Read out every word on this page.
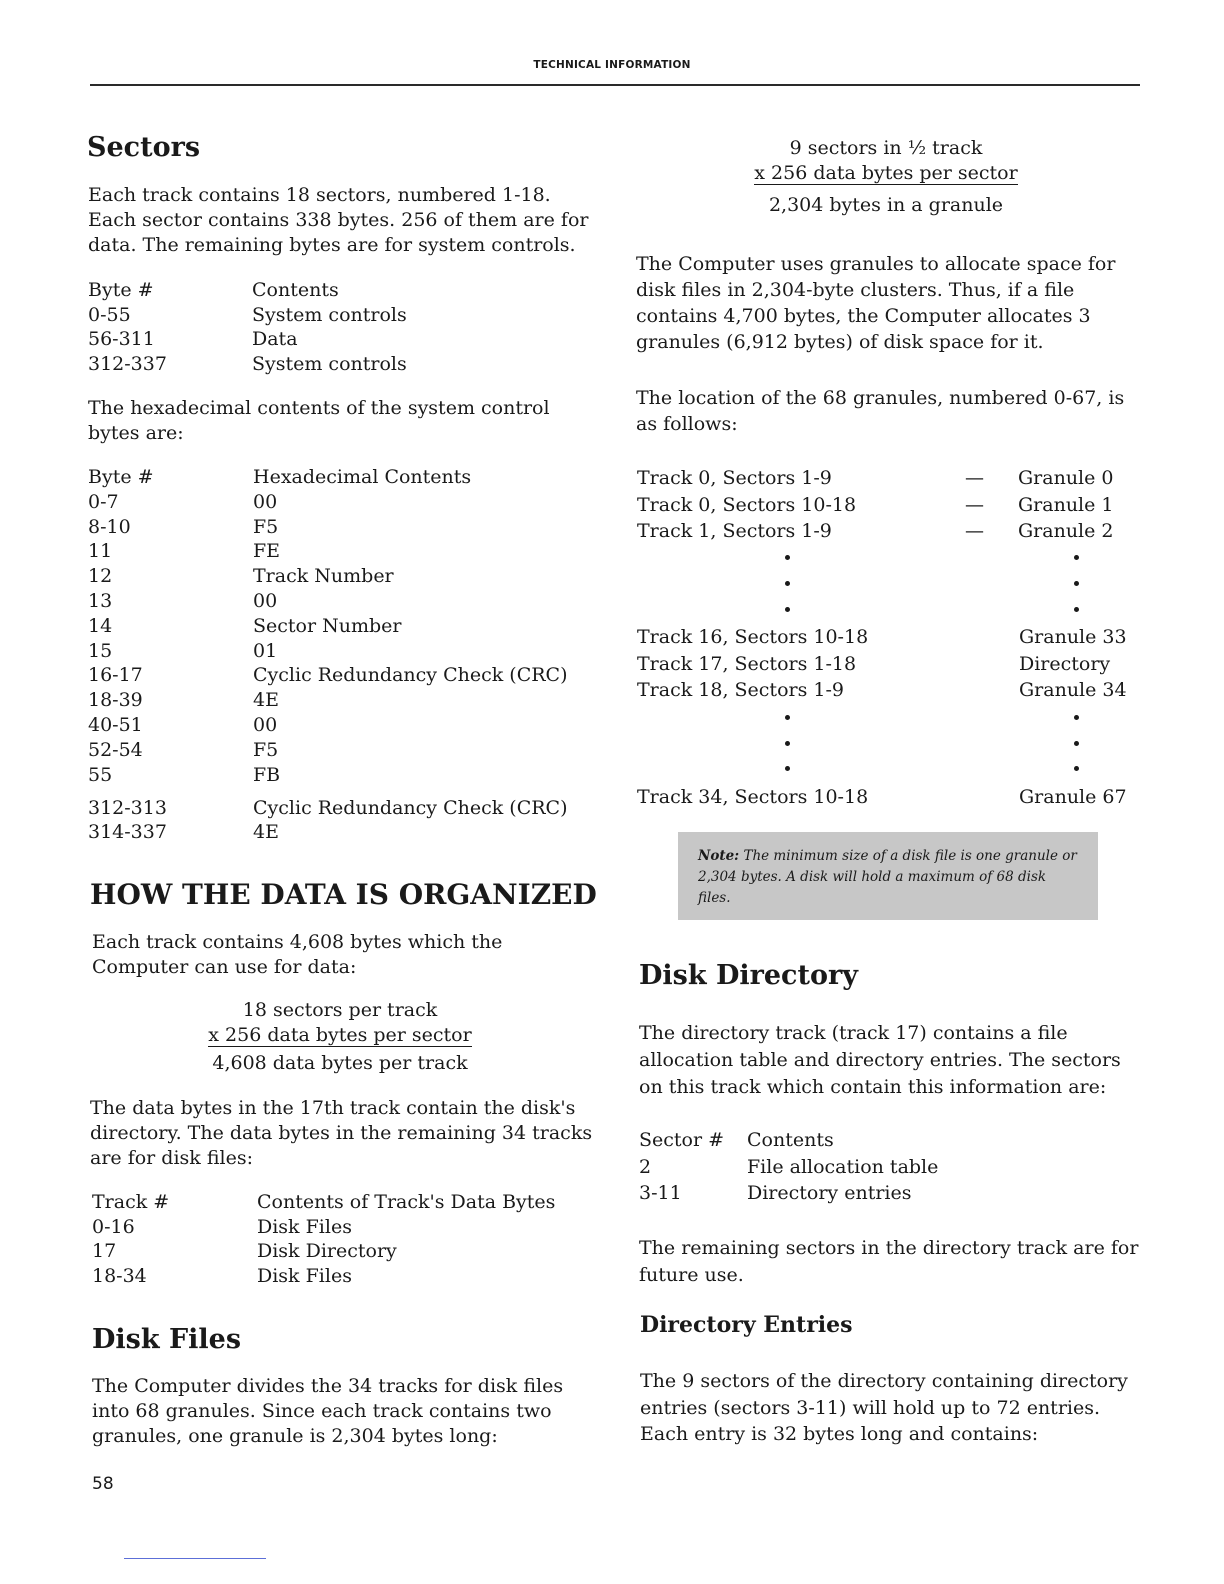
TECHNICAL INFORMATION
Sectors

Each track contains 18 sectors, numbered 1-18. Each sector contains 338 bytes. 256 of them are for data. The remaining bytes are for system controls.

Byte #	Contents
0-55	System controls
56-311	Data
312-337	System controls

The hexadecimal contents of the system control bytes are:

Byte #	Hexadecimal Contents
0-7	00
8-10	F5
11	FE
12	Track Number
13	00
14	Sector Number
15	01
16-17	Cyclic Redundancy Check (CRC)
18-39	4E
40-51	00
52-54	F5
55	FB
312-313	Cyclic Redundancy Check (CRC)
314-337	4E
HOW THE DATA IS ORGANIZED

Each track contains 4,608 bytes which the Computer can use for data:

18 sectors per track
x 256 data bytes per sector
4,608 data bytes per track

The data bytes in the 17th track contain the disk's directory. The data bytes in the remaining 34 tracks are for disk files:

Track #	Contents of Track's Data Bytes
0-16	Disk Files
17	Disk Directory
18-34	Disk Files
Disk Files

The Computer divides the 34 tracks for disk files into 68 granules. Since each track contains two granules, one granule is 2,304 bytes long:

58
9 sectors in ½ track
x 256 data bytes per sector
2,304 bytes in a granule

The Computer uses granules to allocate space for disk files in 2,304-byte clusters. Thus, if a file contains 4,700 bytes, the Computer allocates 3 granules (6,912 bytes) of disk space for it.

The location of the 68 granules, numbered 0-67, is as follows:

Track 0, Sectors 1-9	— Granule 0
Track 0, Sectors 10-18	— Granule 1
Track 1, Sectors 1-9	— Granule 2
Track 16, Sectors 10-18	Granule 33
Track 17, Sectors 1-18	Directory
Track 18, Sectors 1-9	Granule 34
Track 34, Sectors 10-18	Granule 67

Note: The minimum size of a disk file is one granule or 2,304 bytes. A disk will hold a maximum of 68 disk files.

Disk Directory

The directory track (track 17) contains a file allocation table and directory entries. The sectors on this track which contain this information are:

Sector # Contents
2	File allocation table
3-11	Directory entries

The remaining sectors in the directory track are for future use.

Directory Entries

The 9 sectors of the directory containing directory entries (sectors 3-11) will hold up to 72 entries. Each entry is 32 bytes long and contains:
